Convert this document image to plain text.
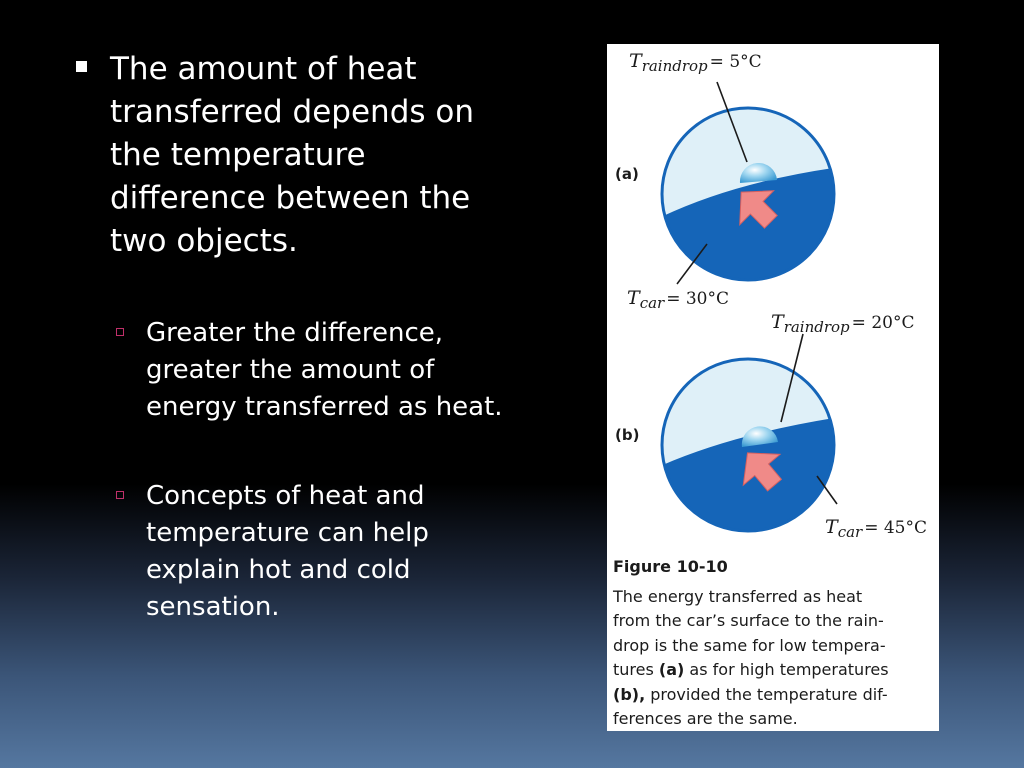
The amount of heat transferred depends on the temperature difference between the two objects.
Greater the difference, greater the amount of energy transferred as heat.
Concepts of heat and temperature can help explain hot and cold sensation.
(a)
$T_{raindrop} = 5^\circ C$
$T_{car} = 30^\circ C$
(b)
$T_{raindrop} = 20^\circ C$
$T_{car} = 45^\circ C$
Figure 10-10
The energy transferred as heat
from the car’s surface to the rain-
drop is the same for low tempera-
tures (a) as for high temperatures
(b), provided the temperature dif-
ferences are the same.
